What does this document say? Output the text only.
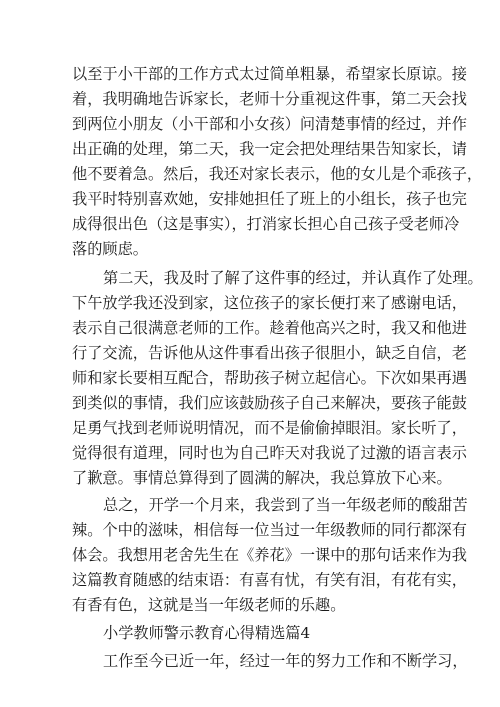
以至于小干部的工作方式太过简单粗暴，希望家长原谅。接
着，我明确地告诉家长，老师十分重视这件事，第二天会找
到两位小朋友（小干部和小女孩）问清楚事情的经过，并作
出正确的处理，第二天，我一定会把处理结果告知家长，请
他不要着急。然后，我还对家长表示，他的女儿是个乖孩子，
我平时特别喜欢她，安排她担任了班上的小组长，孩子也完
成得很出色（这是事实），打消家长担心自己孩子受老师冷
落的顾虑。
第二天，我及时了解了这件事的经过，并认真作了处理。
下午放学我还没到家，这位孩子的家长便打来了感谢电话，
表示自己很满意老师的工作。趁着他高兴之时，我又和他进
行了交流，告诉他从这件事看出孩子很胆小，缺乏自信，老
师和家长要相互配合，帮助孩子树立起信心。下次如果再遇
到类似的事情，我们应该鼓励孩子自己来解决，要孩子能鼓
足勇气找到老师说明情况，而不是偷偷掉眼泪。家长听了，
觉得很有道理，同时也为自己昨天对我说了过激的语言表示
了歉意。事情总算得到了圆满的解决，我总算放下心来。
总之，开学一个月来，我尝到了当一年级老师的酸甜苦
辣。个中的滋味，相信每一位当过一年级教师的同行都深有
体会。我想用老舍先生在《养花》一课中的那句话来作为我
这篇教育随感的结束语：有喜有忧，有笑有泪，有花有实，
有香有色，这就是当一年级老师的乐趣。
小学教师警示教育心得精选篇4
工作至今已近一年，经过一年的努力工作和不断学习，
